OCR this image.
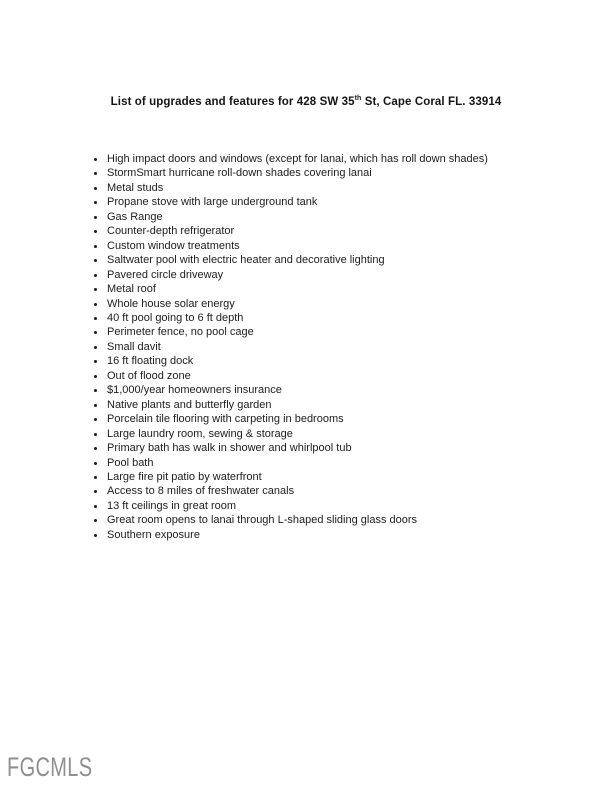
List of upgrades and features for 428 SW 35th St, Cape Coral FL. 33914
High impact doors and windows (except for lanai, which has roll down shades)
StormSmart hurricane roll-down shades covering lanai
Metal studs
Propane stove with large underground tank
Gas Range
Counter-depth refrigerator
Custom window treatments
Saltwater pool with electric heater and decorative lighting
Pavered circle driveway
Metal roof
Whole house solar energy
40 ft pool going to 6 ft depth
Perimeter fence, no pool cage
Small davit
16 ft floating dock
Out of flood zone
$1,000/year homeowners insurance
Native plants and butterfly garden
Porcelain tile flooring with carpeting in bedrooms
Large laundry room, sewing & storage
Primary bath has walk in shower and whirlpool tub
Pool bath
Large fire pit patio by waterfront
Access to 8 miles of freshwater canals
13 ft ceilings in great room
Great room opens to lanai through L-shaped sliding glass doors
Southern exposure
FGCMLS
